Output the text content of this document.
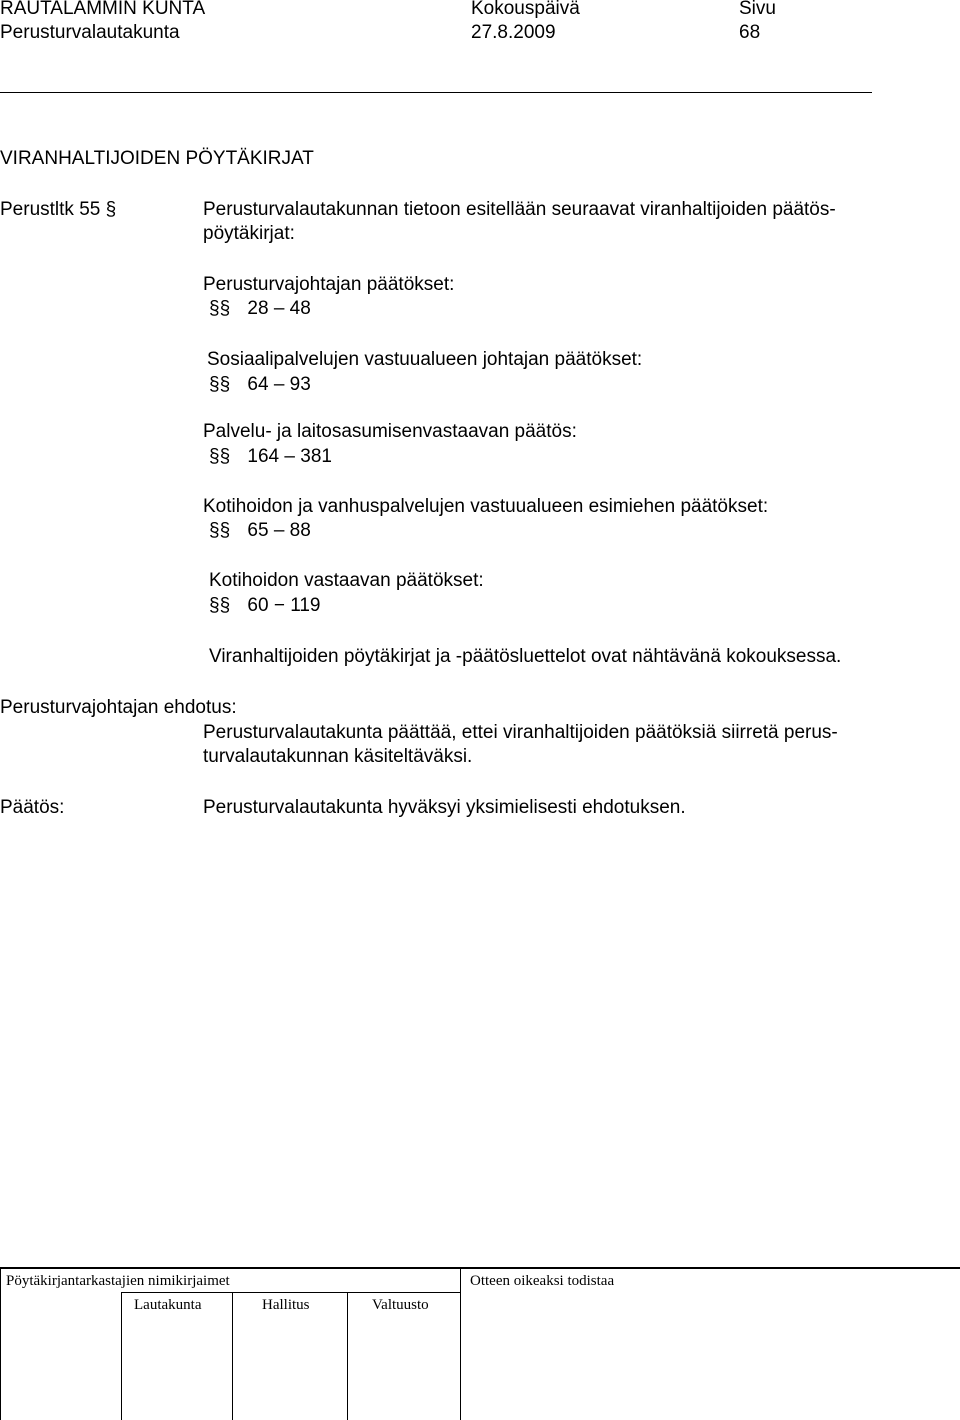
RAUTALAMMIN KUNTA
Perusturvalautakunta
Kokouspäivä
27.8.2009
Sivu
68
VIRANHALTIJOIDEN PÖYTÄKIRJAT
Perustltk 55 §	Perusturvalautakunnan tietoon esitellään seuraavat viranhaltijoiden päätös-
pöytäkirjat:
Perusturvajohtajan päätökset:
§§ 28 – 48
Sosiaalipalvelujen vastuualueen johtajan päätökset:
§§ 64 – 93
Palvelu- ja laitosasumisenvastaavan päätös:
§§ 164 – 381
Kotihoidon ja vanhuspalvelujen vastuualueen esimiehen päätökset:
§§ 65 – 88
Kotihoidon vastaavan päätökset:
§§ 60 − 119
Viranhaltijoiden pöytäkirjat ja -päätösluettelot ovat nähtävänä kokouksessa.
Perusturvajohtajan ehdotus:
Perusturvalautakunta päättää, ettei viranhaltijoiden päätöksiä siirretä perus-
turvalautakunnan käsiteltäväksi.
Päätös:	Perusturvalautakunta hyväksyi yksimielisesti ehdotuksen.
Pöytäkirjantarkastajien nimikirjaimet	Otteen oikeaksi todistaa
Lautakunta	Hallitus	Valtuusto
